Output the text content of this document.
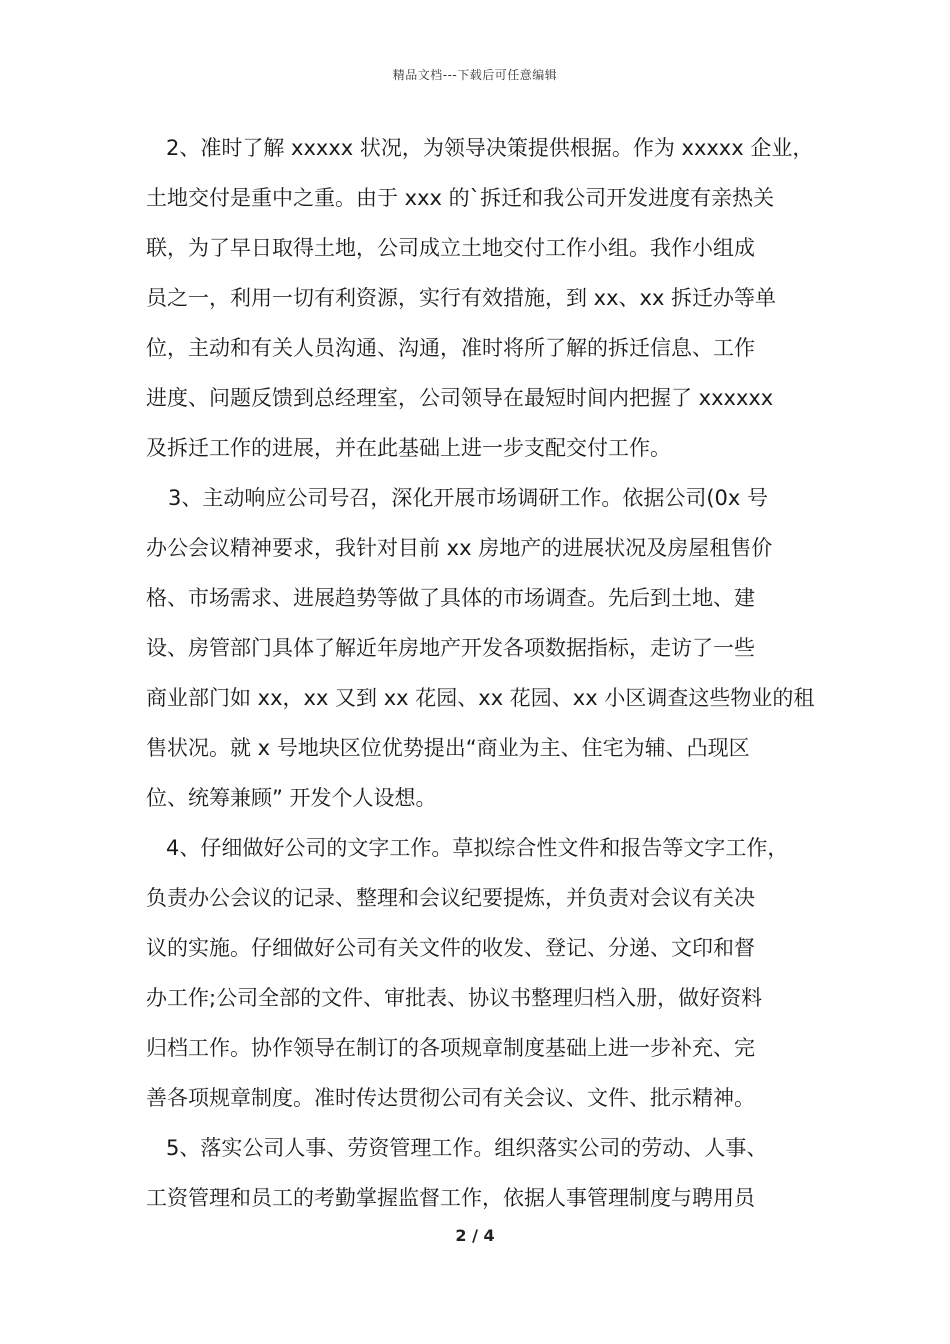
精品文档---下载后可任意编辑
2、准时了解 xxxxx 状况，为领导决策提供根据。作为 xxxxx 企业，
土地交付是重中之重。由于 xxx 的`拆迁和我公司开发进度有亲热关
联，为了早日取得土地，公司成立土地交付工作小组。我作小组成
员之一，利用一切有利资源，实行有效措施，到 xx、xx 拆迁办等单
位，主动和有关人员沟通、沟通，准时将所了解的拆迁信息、工作
进度、问题反馈到总经理室，公司领导在最短时间内把握了 xxxxxx
及拆迁工作的进展，并在此基础上进一步支配交付工作。
3、主动响应公司号召，深化开展市场调研工作。依据公司(0x 号
办公会议精神要求，我针对目前 xx 房地产的进展状况及房屋租售价
格、市场需求、进展趋势等做了具体的市场调查。先后到土地、建
设、房管部门具体了解近年房地产开发各项数据指标，走访了一些
商业部门如 xx，xx 又到 xx 花园、xx 花园、xx 小区调查这些物业的租
售状况。就 x 号地块区位优势提出“商业为主、住宅为辅、凸现区
位、统筹兼顾” 开发个人设想。
4、仔细做好公司的文字工作。草拟综合性文件和报告等文字工作，
负责办公会议的记录、整理和会议纪要提炼，并负责对会议有关决
议的实施。仔细做好公司有关文件的收发、登记、分递、文印和督
办工作;公司全部的文件、审批表、协议书整理归档入册，做好资料
归档工作。协作领导在制订的各项规章制度基础上进一步补充、完
善各项规章制度。准时传达贯彻公司有关会议、文件、批示精神。
5、落实公司人事、劳资管理工作。组织落实公司的劳动、人事、
工资管理和员工的考勤掌握监督工作，依据人事管理制度与聘用员
2 / 4
